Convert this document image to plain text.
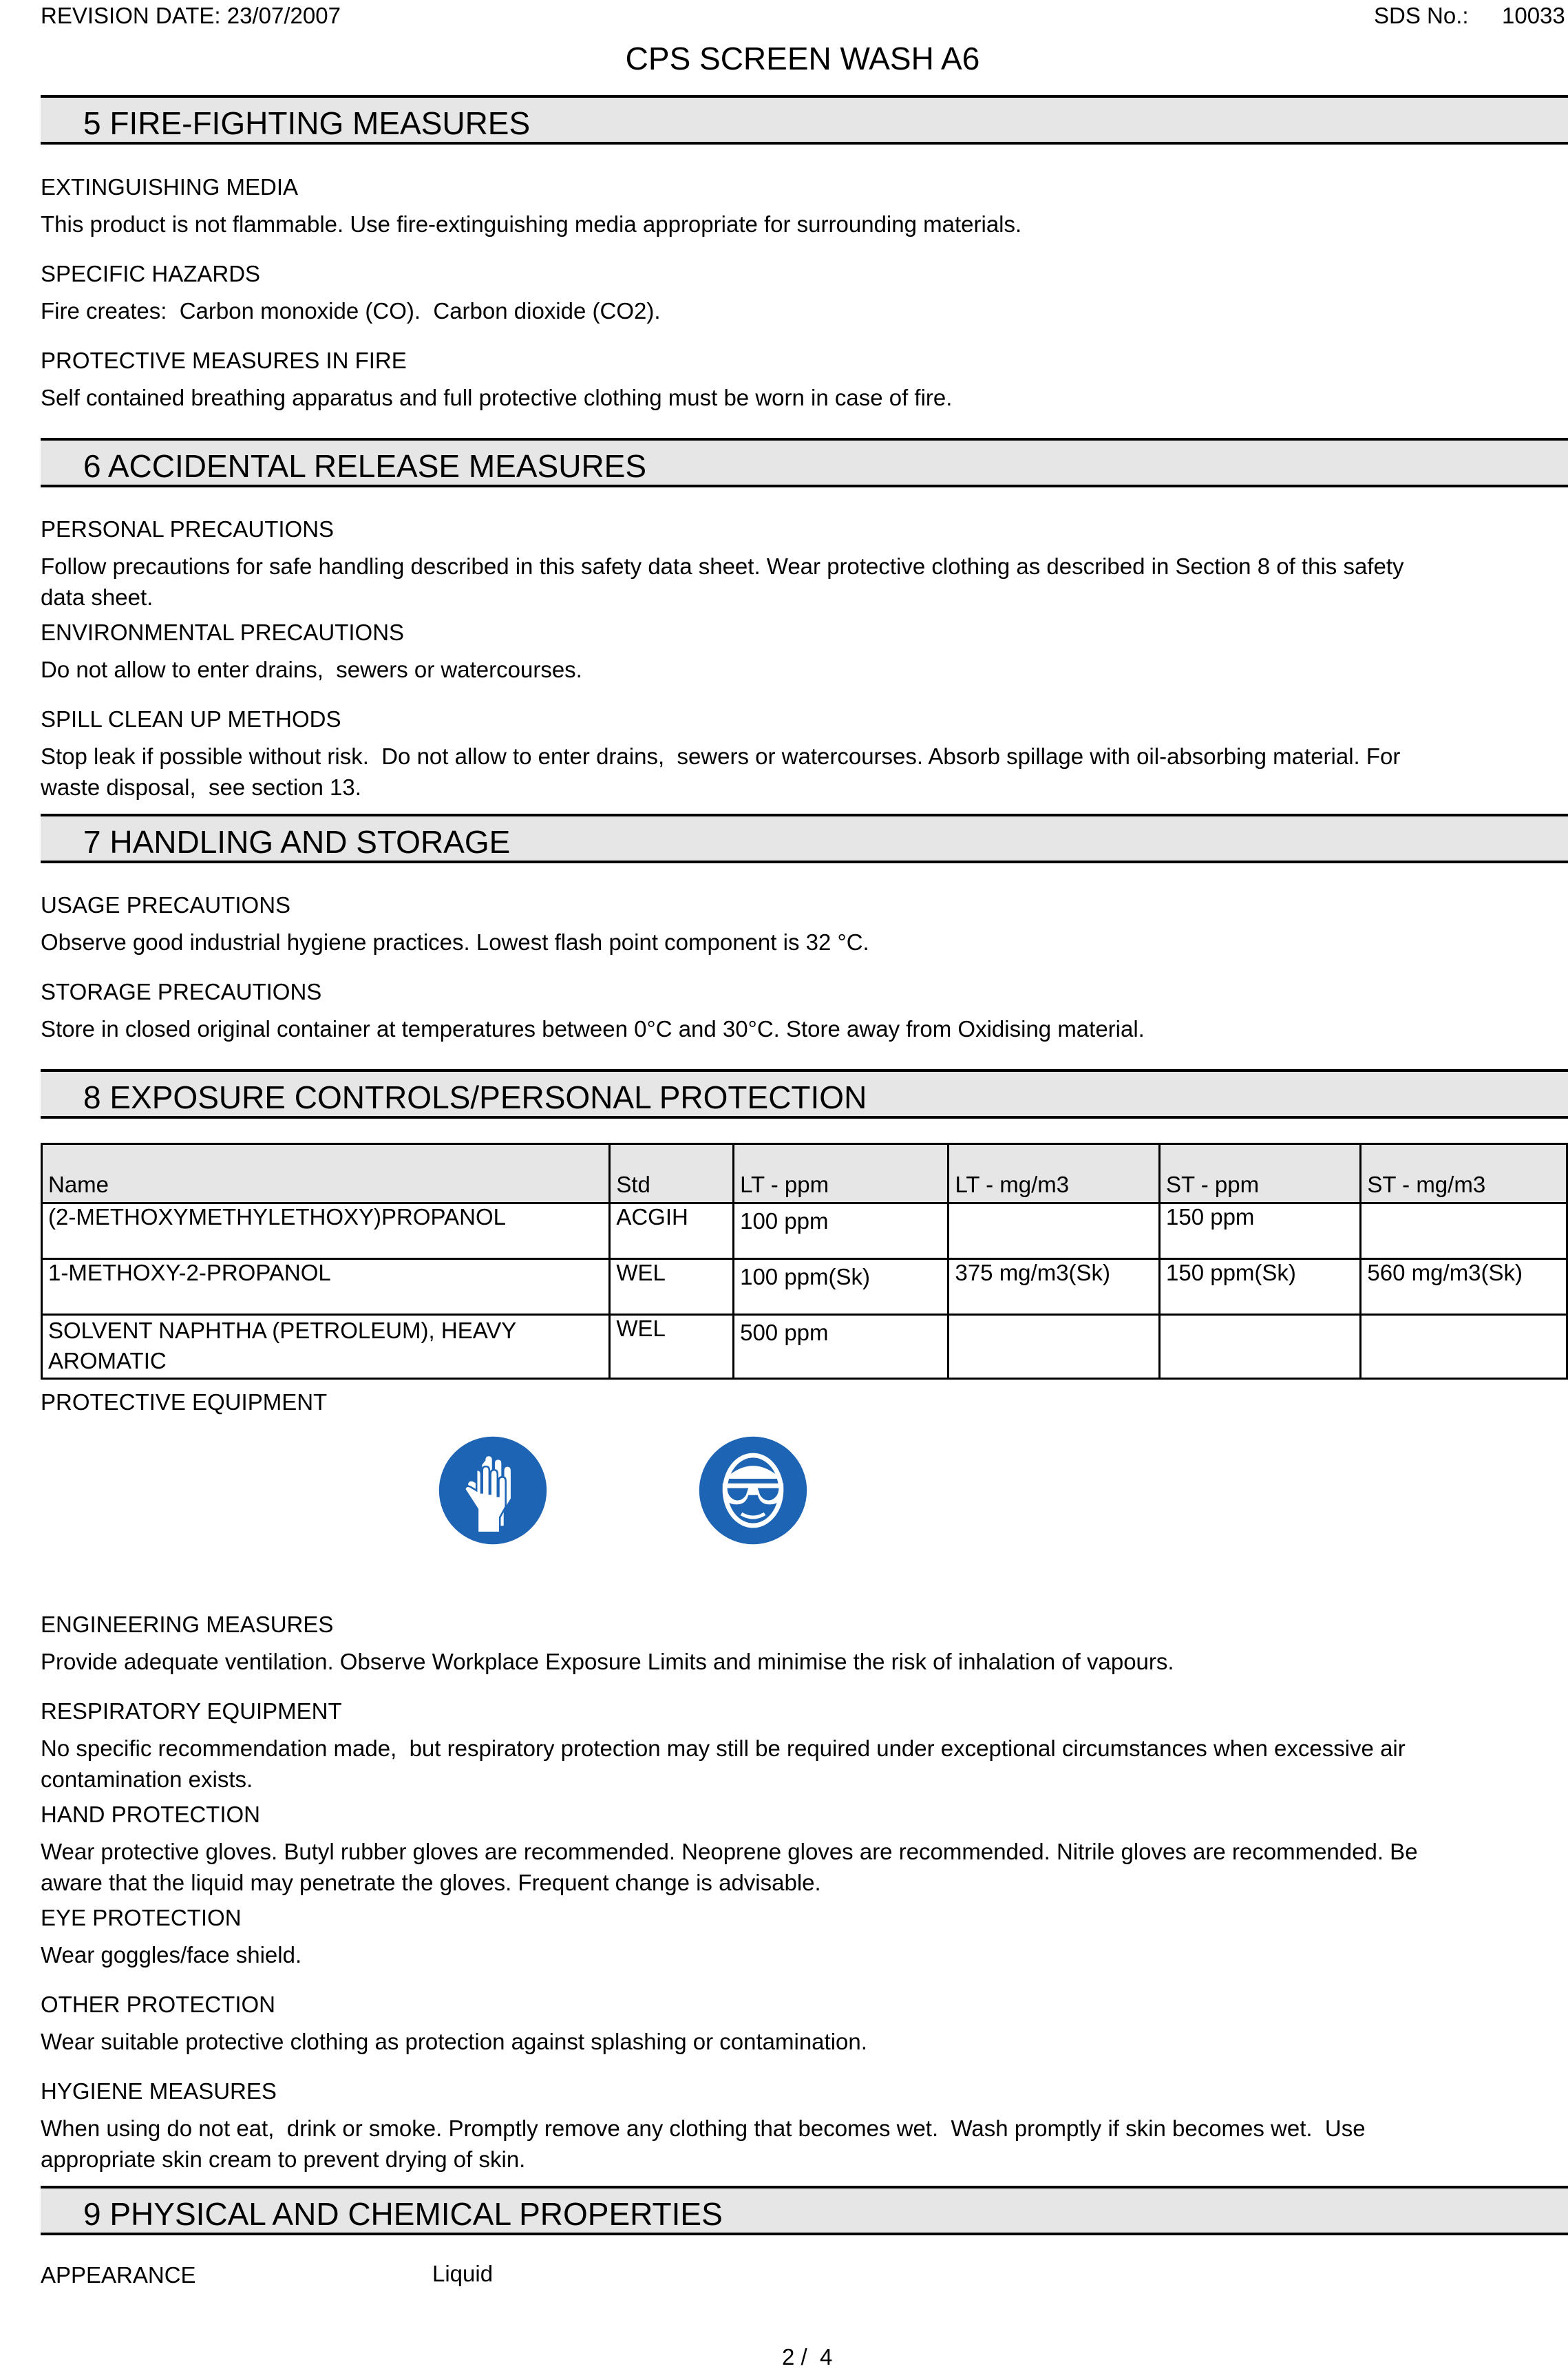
REVISION DATE: 23/07/2007	SDS No.: 10033
CPS SCREEN WASH A6
5 FIRE-FIGHTING MEASURES
EXTINGUISHING MEDIA
This product is not flammable. Use fire-extinguishing media appropriate for surrounding materials.
SPECIFIC HAZARDS
Fire creates:  Carbon monoxide (CO).  Carbon dioxide (CO2).
PROTECTIVE MEASURES IN FIRE
Self contained breathing apparatus and full protective clothing must be worn in case of fire.
6 ACCIDENTAL RELEASE MEASURES
PERSONAL PRECAUTIONS
Follow precautions for safe handling described in this safety data sheet. Wear protective clothing as described in Section 8 of this safety data sheet.
ENVIRONMENTAL PRECAUTIONS
Do not allow to enter drains,  sewers or watercourses.
SPILL CLEAN UP METHODS
Stop leak if possible without risk.  Do not allow to enter drains,  sewers or watercourses. Absorb spillage with oil-absorbing material. For waste disposal,  see section 13.
7 HANDLING AND STORAGE
USAGE PRECAUTIONS
Observe good industrial hygiene practices. Lowest flash point component is 32 °C.
STORAGE PRECAUTIONS
Store in closed original container at temperatures between 0°C and 30°C. Store away from Oxidising material.
8 EXPOSURE CONTROLS/PERSONAL PROTECTION
Name	Std	LT - ppm	LT - mg/m3	ST - ppm	ST - mg/m3
(2-METHOXYMETHYLETHOXY)PROPANOL	ACGIH	100 ppm		150 ppm	
1-METHOXY-2-PROPANOL	WEL	100 ppm(Sk)	375 mg/m3(Sk)	150 ppm(Sk)	560 mg/m3(Sk)
SOLVENT NAPHTHA (PETROLEUM), HEAVY AROMATIC	WEL	500 ppm			
PROTECTIVE EQUIPMENT
ENGINEERING MEASURES
Provide adequate ventilation. Observe Workplace Exposure Limits and minimise the risk of inhalation of vapours.
RESPIRATORY EQUIPMENT
No specific recommendation made,  but respiratory protection may still be required under exceptional circumstances when excessive air contamination exists.
HAND PROTECTION
Wear protective gloves. Butyl rubber gloves are recommended. Neoprene gloves are recommended. Nitrile gloves are recommended. Be aware that the liquid may penetrate the gloves. Frequent change is advisable.
EYE PROTECTION
Wear goggles/face shield.
OTHER PROTECTION
Wear suitable protective clothing as protection against splashing or contamination.
HYGIENE MEASURES
When using do not eat,  drink or smoke. Promptly remove any clothing that becomes wet.  Wash promptly if skin becomes wet.  Use appropriate skin cream to prevent drying of skin.
9 PHYSICAL AND CHEMICAL PROPERTIES
APPEARANCE	Liquid
2 /  4
